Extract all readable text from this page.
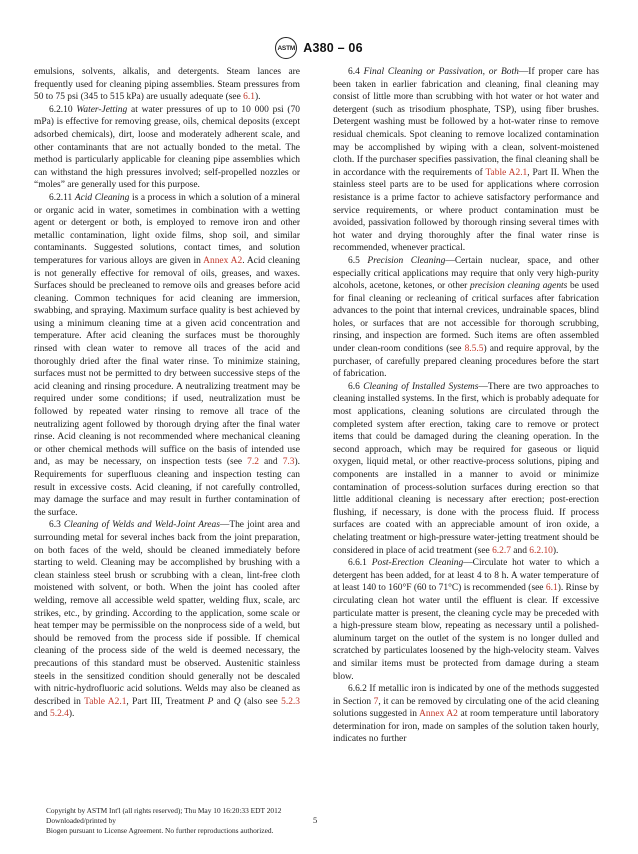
ASTM A380 – 06

emulsions, solvents, alkalis, and detergents. Steam lances are frequently used for cleaning piping assemblies. Steam pressures from 50 to 75 psi (345 to 515 kPa) are usually adequate (see 6.1).

6.2.10 Water-Jetting at water pressures of up to 10 000 psi (70 mPa) is effective for removing grease, oils, chemical deposits (except adsorbed chemicals), dirt, loose and moderately adherent scale, and other contaminants that are not actually bonded to the metal. The method is particularly applicable for cleaning pipe assemblies which can withstand the high pressures involved; self-propelled nozzles or “moles” are generally used for this purpose.

6.2.11 Acid Cleaning is a process in which a solution of a mineral or organic acid in water, sometimes in combination with a wetting agent or detergent or both, is employed to remove iron and other metallic contamination, light oxide films, shop soil, and similar contaminants. Suggested solutions, contact times, and solution temperatures for various alloys are given in Annex A2. Acid cleaning is not generally effective for removal of oils, greases, and waxes. Surfaces should be precleaned to remove oils and greases before acid cleaning. Common techniques for acid cleaning are immersion, swabbing, and spraying. Maximum surface quality is best achieved by using a minimum cleaning time at a given acid concentration and temperature. After acid cleaning the surfaces must be thoroughly rinsed with clean water to remove all traces of the acid and thoroughly dried after the final water rinse. To minimize staining, surfaces must not be permitted to dry between successive steps of the acid cleaning and rinsing procedure. A neutralizing treatment may be required under some conditions; if used, neutralization must be followed by repeated water rinsing to remove all trace of the neutralizing agent followed by thorough drying after the final water rinse. Acid cleaning is not recommended where mechanical cleaning or other chemical methods will suffice on the basis of intended use and, as may be necessary, on inspection tests (see 7.2 and 7.3). Requirements for superfluous cleaning and inspection testing can result in excessive costs. Acid cleaning, if not carefully controlled, may damage the surface and may result in further contamination of the surface.

6.3 Cleaning of Welds and Weld-Joint Areas—The joint area and surrounding metal for several inches back from the joint preparation, on both faces of the weld, should be cleaned immediately before starting to weld. Cleaning may be accomplished by brushing with a clean stainless steel brush or scrubbing with a clean, lint-free cloth moistened with solvent, or both. When the joint has cooled after welding, remove all accessible weld spatter, welding flux, scale, arc strikes, etc., by grinding. According to the application, some scale or heat temper may be permissible on the nonprocess side of a weld, but should be removed from the process side if possible. If chemical cleaning of the process side of the weld is deemed necessary, the precautions of this standard must be observed. Austenitic stainless steels in the sensitized condition should generally not be descaled with nitric-hydrofluoric acid solutions. Welds may also be cleaned as described in Table A2.1, Part III, Treatment P and Q (also see 5.2.3 and 5.2.4).

6.4 Final Cleaning or Passivation, or Both—If proper care has been taken in earlier fabrication and cleaning, final cleaning may consist of little more than scrubbing with hot water or hot water and detergent (such as trisodium phosphate, TSP), using fiber brushes. Detergent washing must be followed by a hot-water rinse to remove residual chemicals. Spot cleaning to remove localized contamination may be accomplished by wiping with a clean, solvent-moistened cloth. If the purchaser specifies passivation, the final cleaning shall be in accordance with the requirements of Table A2.1, Part II. When the stainless steel parts are to be used for applications where corrosion resistance is a prime factor to achieve satisfactory performance and service requirements, or where product contamination must be avoided, passivation followed by thorough rinsing several times with hot water and drying thoroughly after the final water rinse is recommended, whenever practical.

6.5 Precision Cleaning—Certain nuclear, space, and other especially critical applications may require that only very high-purity alcohols, acetone, ketones, or other precision cleaning agents be used for final cleaning or recleaning of critical surfaces after fabrication advances to the point that internal crevices, undrainable spaces, blind holes, or surfaces that are not accessible for thorough scrubbing, rinsing, and inspection are formed. Such items are often assembled under clean-room conditions (see 8.5.5) and require approval, by the purchaser, of carefully prepared cleaning procedures before the start of fabrication.

6.6 Cleaning of Installed Systems—There are two approaches to cleaning installed systems. In the first, which is probably adequate for most applications, cleaning solutions are circulated through the completed system after erection, taking care to remove or protect items that could be damaged during the cleaning operation. In the second approach, which may be required for gaseous or liquid oxygen, liquid metal, or other reactive-process solutions, piping and components are installed in a manner to avoid or minimize contamination of process-solution surfaces during erection so that little additional cleaning is necessary after erection; post-erection flushing, if necessary, is done with the process fluid. If process surfaces are coated with an appreciable amount of iron oxide, a chelating treatment or high-pressure water-jetting treatment should be considered in place of acid treatment (see 6.2.7 and 6.2.10).

6.6.1 Post-Erection Cleaning—Circulate hot water to which a detergent has been added, for at least 4 to 8 h. A water temperature of at least 140 to 160°F (60 to 71°C) is recommended (see 6.1). Rinse by circulating clean hot water until the effluent is clear. If excessive particulate matter is present, the cleaning cycle may be preceded with a high-pressure steam blow, repeating as necessary until a polished-aluminum target on the outlet of the system is no longer dulled and scratched by particulates loosened by the high-velocity steam. Valves and similar items must be protected from damage during a steam blow.

6.6.2 If metallic iron is indicated by one of the methods suggested in Section 7, it can be removed by circulating one of the acid cleaning solutions suggested in Annex A2 at room temperature until laboratory determination for iron, made on samples of the solution taken hourly, indicates no further

Copyright by ASTM Int'l (all rights reserved); Thu May 10 16:20:33 EDT 2012
Downloaded/printed by
Biogen pursuant to License Agreement. No further reproductions authorized.
5
